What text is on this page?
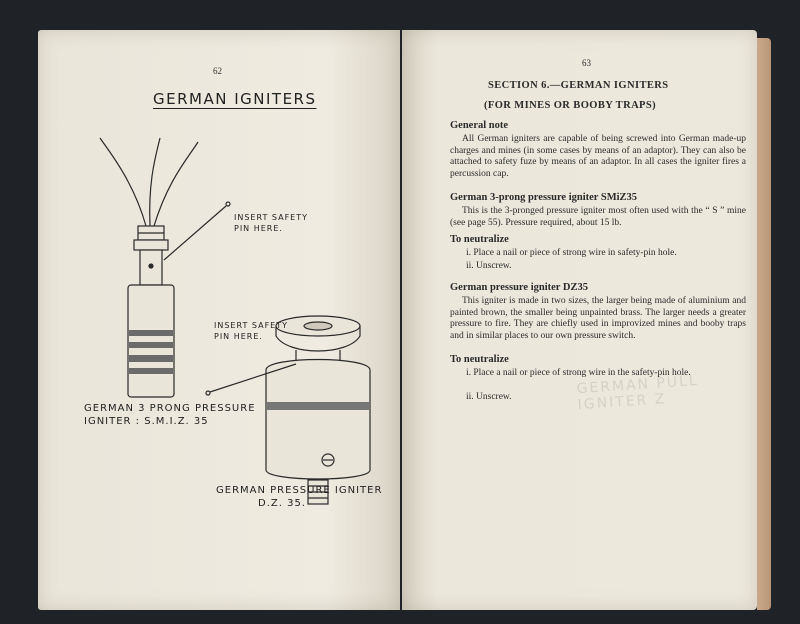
62
GERMAN IGNITERS
INSERT SAFETY
PIN HERE.
INSERT SAFETY
PIN HERE.
GERMAN 3 PRONG PRESSURE
IGNITER : S.M.I.Z. 35
GERMAN PRESSURE IGNITER
D.Z. 35.
GERMAN PULL IGNITER Z
63
SECTION 6.—GERMAN IGNITERS
(FOR MINES OR BOOBY TRAPS)
General note
All German igniters are capable of being screwed into German made-up charges and mines (in some cases by means of an adaptor). They can also be attached to safety fuze by means of an adaptor. In all cases the igniter fires a percussion cap.
German 3-prong pressure igniter SMiZ35
This is the 3-pronged pressure igniter most often used with the “ S ” mine (see page 55). Pressure required, about 15 lb.
To neutralize
i. Place a nail or piece of strong wire in safety-pin hole.
ii. Unscrew.
German pressure igniter DZ35
This igniter is made in two sizes, the larger being made of aluminium and painted brown, the smaller being unpainted brass. The larger needs a greater pressure to fire. They are chiefly used in improvized mines and booby traps and in similar places to our own pressure switch.
To neutralize
i. Place a nail or piece of strong wire in the safety-pin hole.
ii. Unscrew.
